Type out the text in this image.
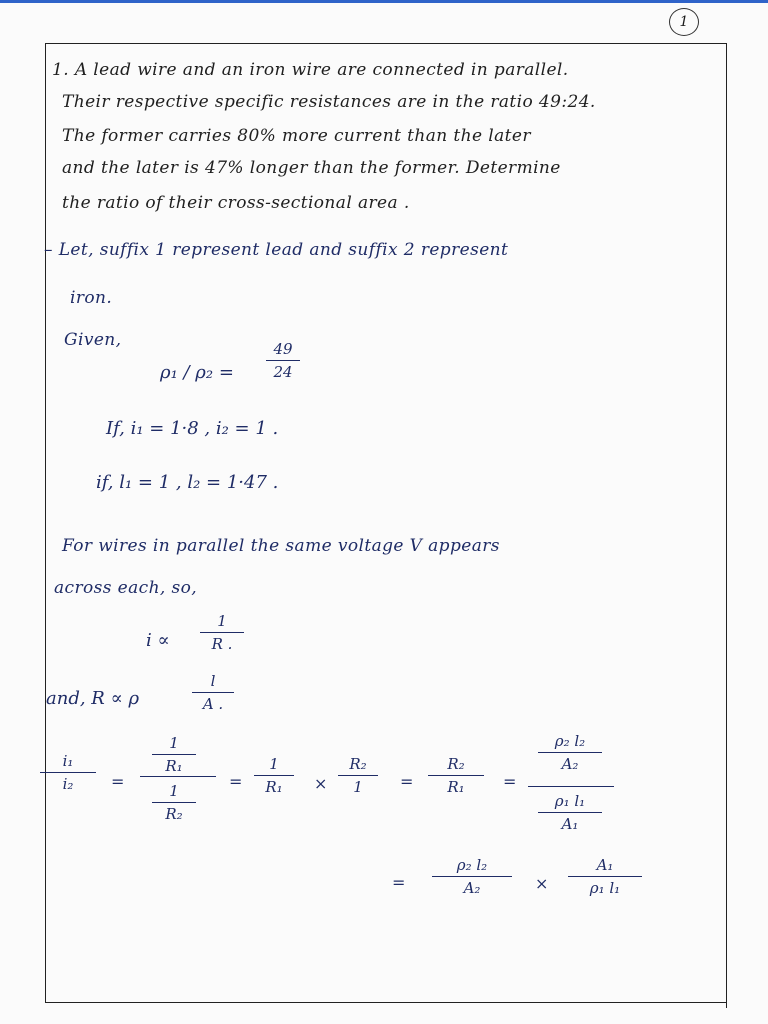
1
1. A lead wire and an iron wire are connected in parallel.
Their respective specific resistances are in the ratio 49:24.
The former carries 80% more current than the later
and the later is 47% longer than the former. Determine
the ratio of their cross-sectional area .
– Let, suffix 1 represent lead and suffix 2 represent
iron.
Given,
ρ₁ / ρ₂ =
49
24
If, i₁ = 1·8 , i₂ = 1 .
if, l₁ = 1 , l₂ = 1·47 .
For wires in parallel the same voltage V appears
across each, so,
i ∝
1
R .
and, R ∝ ρ
l
A .
i₁
i₂	=
1
R₁
1
R₂
=
1
R₁	×
R₂
1	=
R₂
R₁	=
ρ₂ l₂
A₂
ρ₁ l₁
A₁
=
ρ₂ l₂
A₂	×
A₁
ρ₁ l₁
